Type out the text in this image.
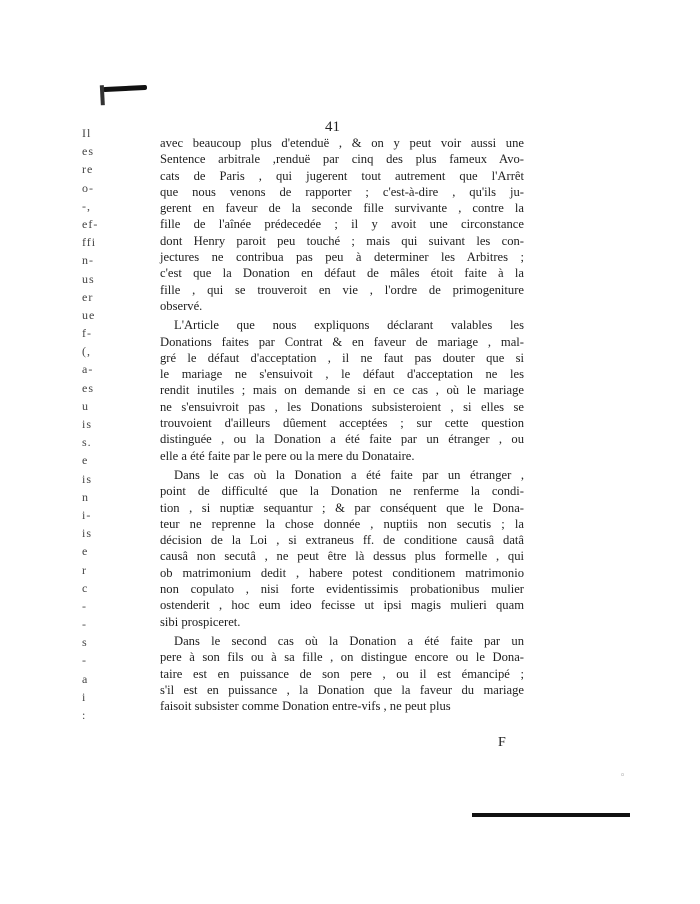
Il
es
re
o-
-,
ef-
ffi
n-
us
er
ue
f-
(,
a-
es
u
is
s.
e
is
n
i-
is
e
r
c
-
-
s
-
a
i
:
41
avec beaucoup plus d'etenduë , & on y peut voir aussi une
Sentence arbitrale ,renduë par cinq des plus fameux Avo-
cats de Paris , qui jugerent tout autrement que l'Arrêt
que nous venons de rapporter ; c'est-à-dire , qu'ils ju-
gerent en faveur de la seconde fille survivante , contre la
fille de l'aînée prédecedée ; il y avoit une circonstance
dont Henry paroit peu touché ; mais qui suivant les con-
jectures ne contribua pas peu à determiner les Arbitres ;
c'est que la Donation en défaut de mâles étoit faite à la
fille , qui se trouveroit en vie , l'ordre de primogeniture
observé.
L'Article que nous expliquons déclarant valables les
Donations faites par Contrat & en faveur de mariage , mal-
gré le défaut d'acceptation , il ne faut pas douter que si
le mariage ne s'ensuivoit , le défaut d'acceptation ne les
rendit inutiles ; mais on demande si en ce cas , où le mariage
ne s'ensuivroit pas , les Donations subsisteroient , si elles se
trouvoient d'ailleurs dûement acceptées ; sur cette question
distinguée , ou la Donation a été faite par un étranger , ou
elle a été faite par le pere ou la mere du Donataire.
Dans le cas où la Donation a été faite par un étranger ,
point de difficulté que la Donation ne renferme la condi-
tion , si nuptiæ sequantur ; & par conséquent que le Dona-
teur ne reprenne la chose donnée , nuptiis non secutis ; la
décision de la Loi , si extraneus ff. de conditione causâ datâ
causâ non secutâ , ne peut être là dessus plus formelle , qui
ob matrimonium dedit , habere potest conditionem matrimonio
non copulato , nisi forte evidentissimis probationibus mulier
ostenderit , hoc eum ideo fecisse ut ipsi magis mulieri quam
sibi prospiceret.
Dans le second cas où la Donation a été faite par un
pere à son fils ou à sa fille , on distingue encore ou le Dona-
taire est en puissance de son pere , ou il est émancipé ;
s'il est en puissance , la Donation que la faveur du mariage
faisoit subsister comme Donation entre-vifs , ne peut plus
F
◦
